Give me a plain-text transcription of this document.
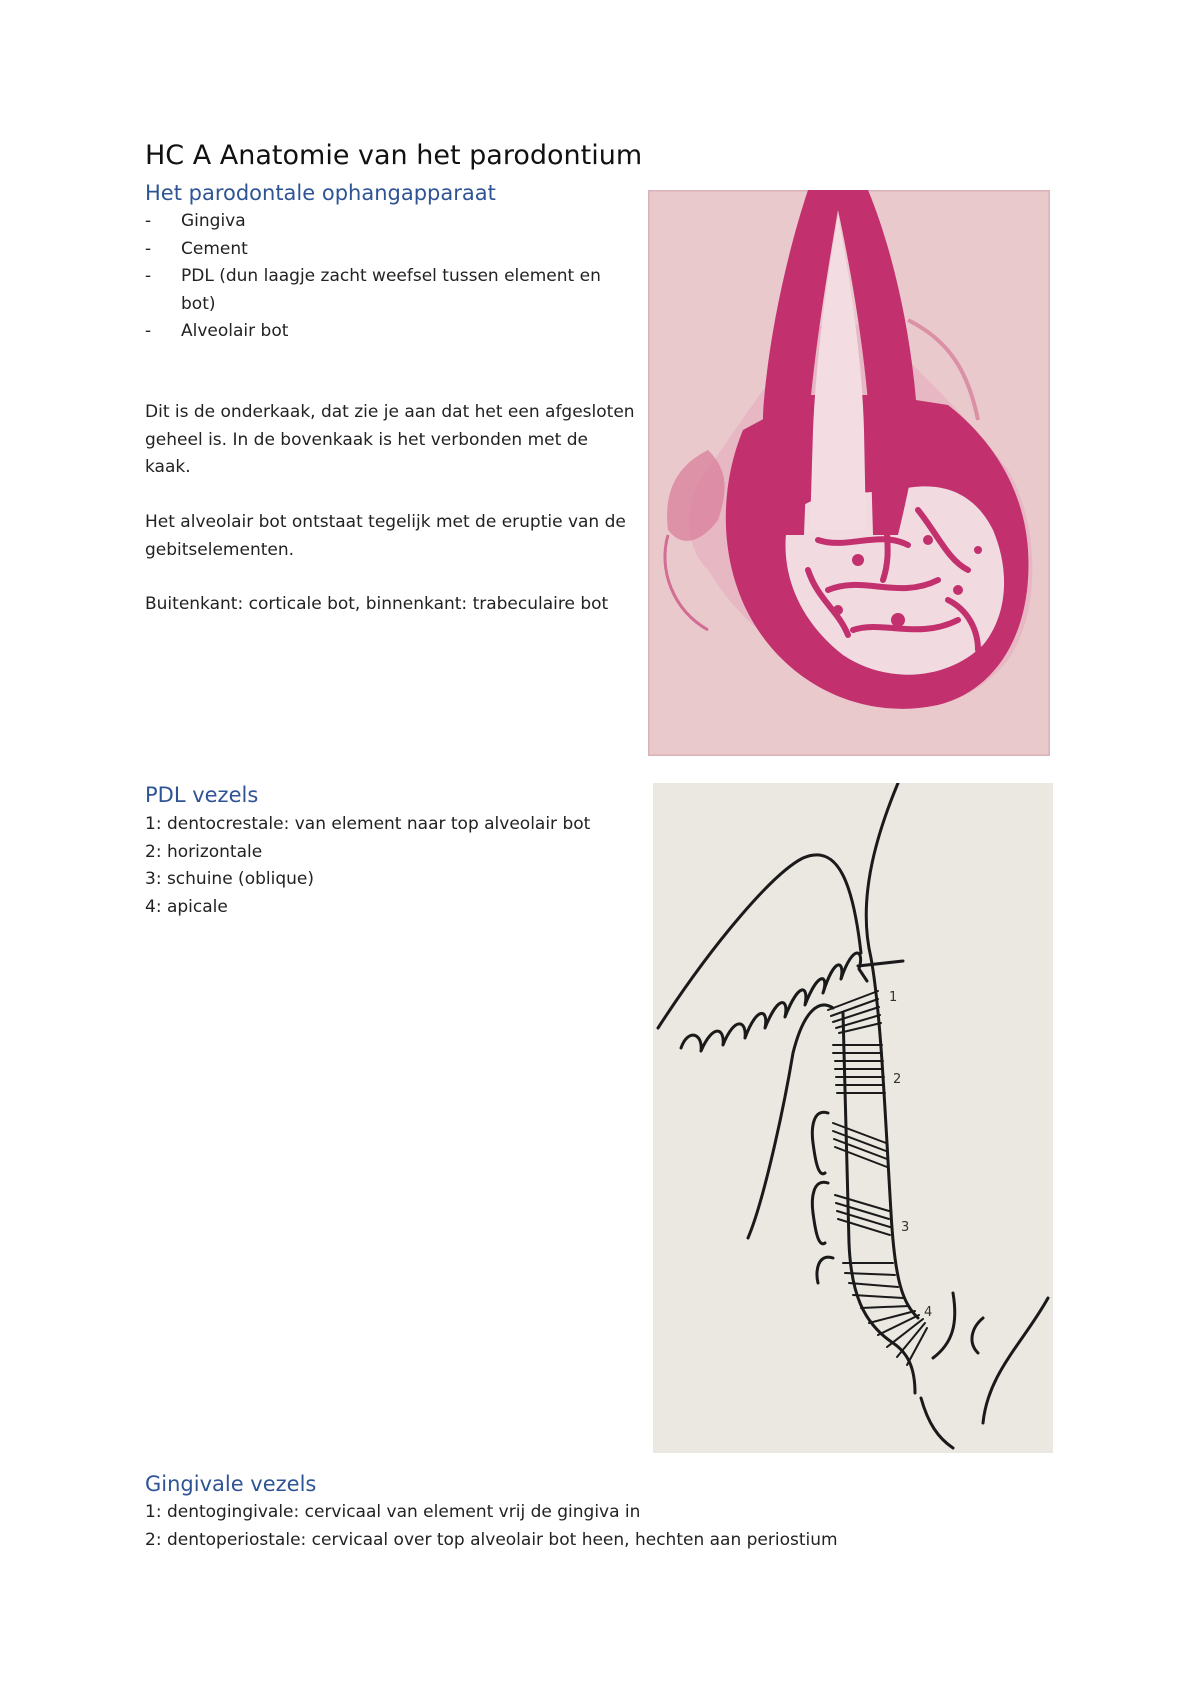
HC A Anatomie van het parodontium
Het parodontale ophangapparaat
- Gingiva
- Cement
- PDL (dun laagje zacht weefsel tussen element en bot)
- Alveolair bot
Dit is de onderkaak, dat zie je aan dat het een afgesloten geheel is. In de bovenkaak is het verbonden met de kaak.
Het alveolair bot ontstaat tegelijk met de eruptie van de gebitselementen.
Buitenkant: corticale bot, binnenkant: trabeculaire bot
PDL vezels

1: dentocrestale: van element naar top alveolair bot

2: horizontale

3: schuine (oblique)

4: apicale

1
2
3
4
Gingivale vezels

1: dentogingivale: cervicaal van element vrij de gingiva in

2: dentoperiostale: cervicaal over top alveolair bot heen, hechten aan periostium
